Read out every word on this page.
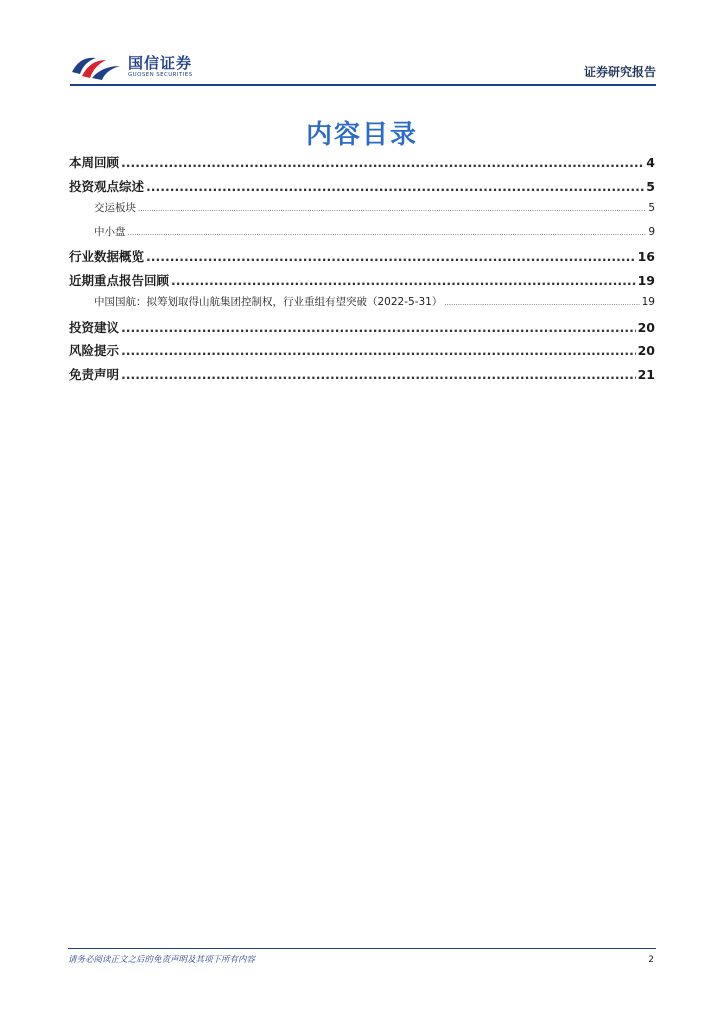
国信证券
GUOSEN SECURITIES	证券研究报告
内容目录
本周回顾 .....	4
投资观点综述 .....	5
交运板块 .....	5
中小盘 .....	9
行业数据概览 .....	16
近期重点报告回顾 .....	19
中国国航：拟筹划取得山航集团控制权，行业重组有望突破（2022-5-31） .....	19
投资建议 .....	20
风险提示 .....	20
免责声明 .....	21
请务必阅读正文之后的免责声明及其项下所有内容	2
